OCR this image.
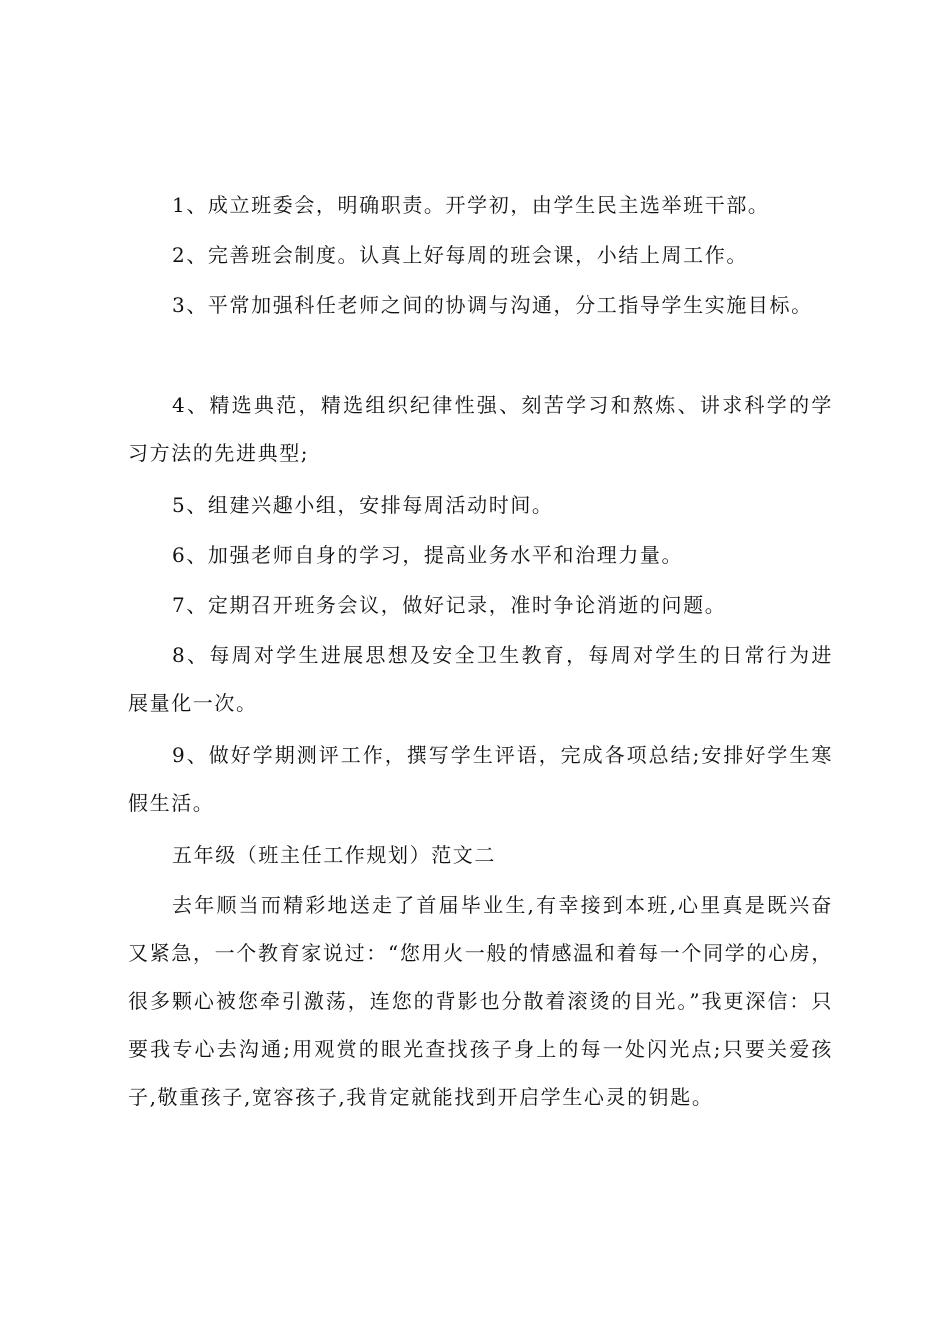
1、成立班委会，明确职责。开学初，由学生民主选举班干部。

2、完善班会制度。认真上好每周的班会课，小结上周工作。

3、平常加强科任老师之间的协调与沟通，分工指导学生实施目标。

4、精选典范，精选组织纪律性强、刻苦学习和熬炼、讲求科学的学习方法的先进典型;

5、组建兴趣小组，安排每周活动时间。

6、加强老师自身的学习，提高业务水平和治理力量。

7、定期召开班务会议，做好记录，准时争论消逝的问题。

8、每周对学生进展思想及安全卫生教育，每周对学生的日常行为进展量化一次。

9、做好学期测评工作，撰写学生评语，完成各项总结;安排好学生寒假生活。

五年级（班主任工作规划）范文二

去年顺当而精彩地送走了首届毕业生,有幸接到本班,心里真是既兴奋又紧急，一个教育家说过：“您用火一般的情感温和着每一个同学的心房，很多颗心被您牵引激荡，连您的背影也分散着滚烫的目光。”我更深信：只要我专心去沟通;用观赏的眼光查找孩子身上的每一处闪光点;只要关爱孩子,敬重孩子,宽容孩子,我肯定就能找到开启学生心灵的钥匙。
